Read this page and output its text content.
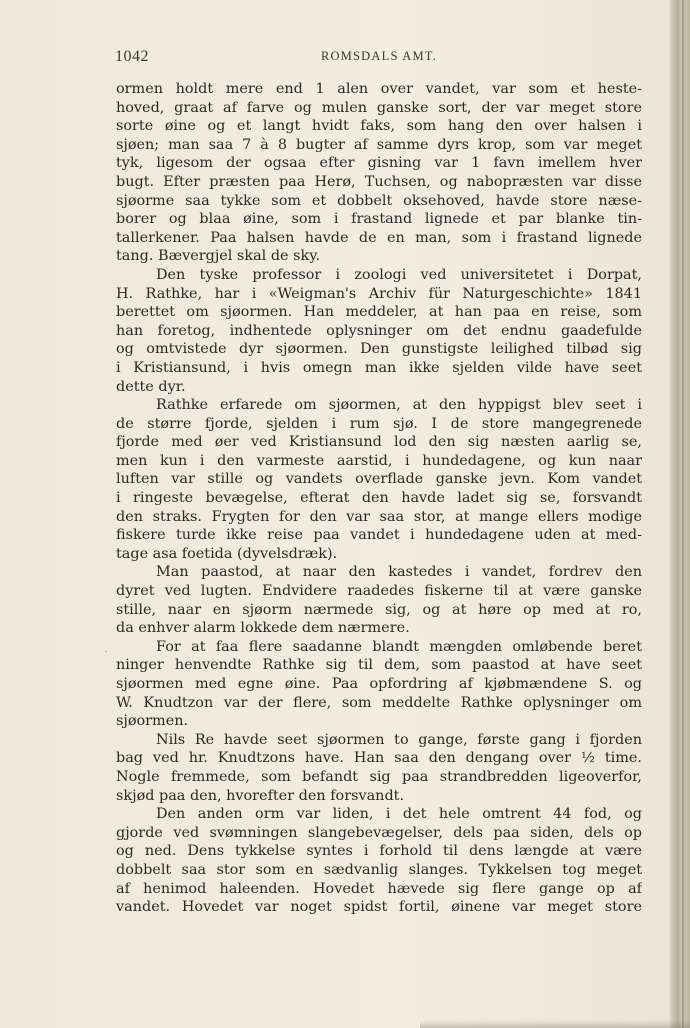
1042	ROMSDALS AMT.
ormen holdt mere end 1 alen over vandet, var som et heste-
hoved, graat af farve og mulen ganske sort, der var meget store
sorte øine og et langt hvidt faks, som hang den over halsen i
sjøen; man saa 7 à 8 bugter af samme dyrs krop, som var meget
tyk, ligesom der ogsaa efter gisning var 1 favn imellem hver
bugt. Efter præsten paa Herø, Tuchsen, og nabopræsten var disse
sjøorme saa tykke som et dobbelt oksehoved, havde store næse-
borer og blaa øine, som i frastand lignede et par blanke tin-
tallerkener. Paa halsen havde de en man, som i frastand lignede
tang. Bævergjel skal de sky.
Den tyske professor i zoologi ved universitetet i Dorpat,
H. Rathke, har i «Weigman's Archiv für Naturgeschichte» 1841
berettet om sjøormen. Han meddeler, at han paa en reise, som
han foretog, indhentede oplysninger om det endnu gaadefulde
og omtvistede dyr sjøormen. Den gunstigste leilighed tilbød sig
i Kristiansund, i hvis omegn man ikke sjelden vilde have seet
dette dyr.
Rathke erfarede om sjøormen, at den hyppigst blev seet i
de større fjorde, sjelden i rum sjø. I de store mangegrenede
fjorde med øer ved Kristiansund lod den sig næsten aarlig se,
men kun i den varmeste aarstid, i hundedagene, og kun naar
luften var stille og vandets overflade ganske jevn. Kom vandet
i ringeste bevægelse, efterat den havde ladet sig se, forsvandt
den straks. Frygten for den var saa stor, at mange ellers modige
fiskere turde ikke reise paa vandet i hundedagene uden at med-
tage asa foetida (dyvelsdræk).
Man paastod, at naar den kastedes i vandet, fordrev den
dyret ved lugten. Endvidere raadedes fiskerne til at være ganske
stille, naar en sjøorm nærmede sig, og at høre op med at ro,
da enhver alarm lokkede dem nærmere.
For at faa flere saadanne blandt mængden omløbende beret
ninger henvendte Rathke sig til dem, som paastod at have seet
sjøormen med egne øine. Paa opfordring af kjøbmændene S. og
W. Knudtzon var der flere, som meddelte Rathke oplysninger om
sjøormen.
Nils Re havde seet sjøormen to gange, første gang i fjorden
bag ved hr. Knudtzons have. Han saa den dengang over ½ time.
Nogle fremmede, som befandt sig paa strandbredden ligeoverfor,
skjød paa den, hvorefter den forsvandt.
Den anden orm var liden, i det hele omtrent 44 fod, og
gjorde ved svømningen slangebevægelser, dels paa siden, dels op
og ned. Dens tykkelse syntes i forhold til dens længde at være
dobbelt saa stor som en sædvanlig slanges. Tykkelsen tog meget
af henimod haleenden. Hovedet hævede sig flere gange op af
vandet. Hovedet var noget spidst fortil, øinene var meget store
ˎ
